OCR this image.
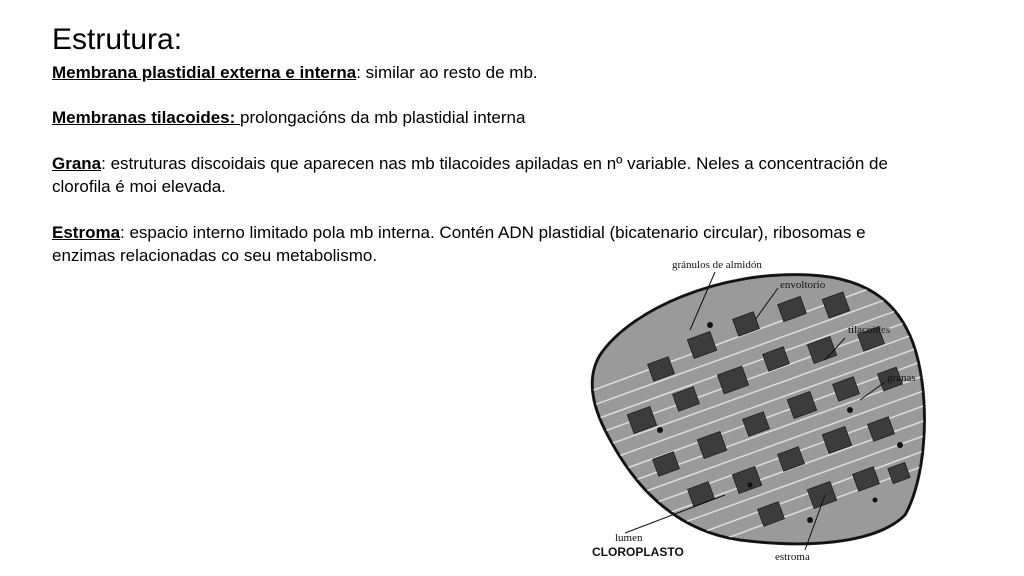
Estrutura:
Membrana plastidial externa e interna: similar ao resto de mb.
Membranas tilacoides: prolongacións da mb plastidial interna
Grana: estruturas discoidais que aparecen nas mb tilacoides apiladas en nº variable. Neles a concentración de clorofila é moi elevada.
Estroma: espacio interno limitado pola mb interna. Contén ADN plastidial (bicatenario circular), ribosomas e enzimas relacionadas co seu metabolismo.	gránulos de almidón
envoltorio
tilacoides
granas
lumen
estroma
CLOROPLASTO
